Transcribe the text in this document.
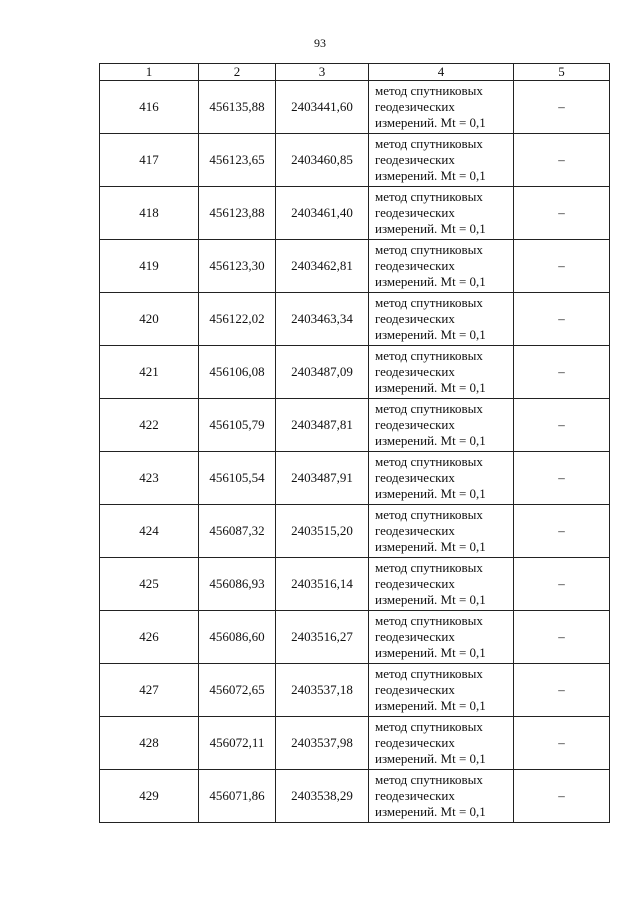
93
1	2	3	4	5
416	456135,88	2403441,60	метод спутниковых
геодезических
измерений. Mt = 0,1	–
417	456123,65	2403460,85	метод спутниковых
геодезических
измерений. Mt = 0,1	–
418	456123,88	2403461,40	метод спутниковых
геодезических
измерений. Mt = 0,1	–
419	456123,30	2403462,81	метод спутниковых
геодезических
измерений. Mt = 0,1	–
420	456122,02	2403463,34	метод спутниковых
геодезических
измерений. Mt = 0,1	–
421	456106,08	2403487,09	метод спутниковых
геодезических
измерений. Mt = 0,1	–
422	456105,79	2403487,81	метод спутниковых
геодезических
измерений. Mt = 0,1	–
423	456105,54	2403487,91	метод спутниковых
геодезических
измерений. Mt = 0,1	–
424	456087,32	2403515,20	метод спутниковых
геодезических
измерений. Mt = 0,1	–
425	456086,93	2403516,14	метод спутниковых
геодезических
измерений. Mt = 0,1	–
426	456086,60	2403516,27	метод спутниковых
геодезических
измерений. Mt = 0,1	–
427	456072,65	2403537,18	метод спутниковых
геодезических
измерений. Mt = 0,1	–
428	456072,11	2403537,98	метод спутниковых
геодезических
измерений. Mt = 0,1	–
429	456071,86	2403538,29	метод спутниковых
геодезических
измерений. Mt = 0,1	–
